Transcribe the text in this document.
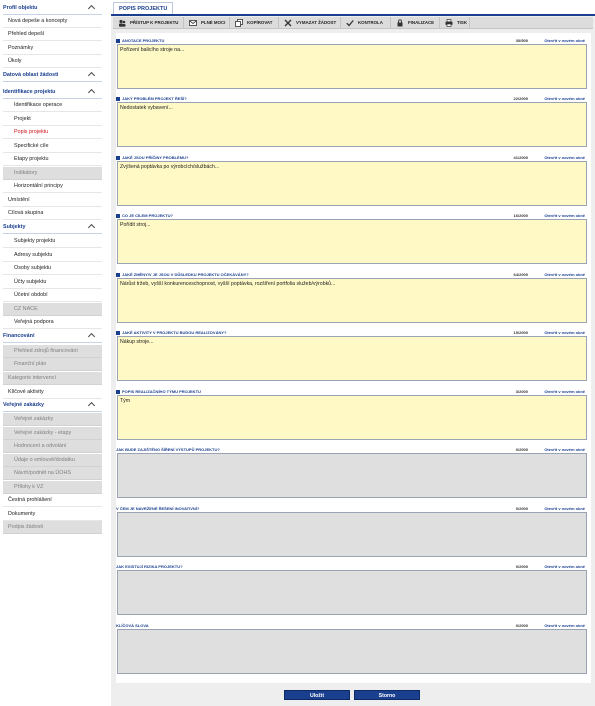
Profil objektu
Nová depeše a koncepty
Přehled depeší
Poznámky
Úkoly
Datová oblast žádosti
Identifikace projektu
Identifikace operace
Projekt
Popis projektu
Specifické cíle
Etapy projektu
Indikátory
Horizontální principy
Umístění
Cílová skupina
Subjekty
Subjekty projektu
Adresy subjektu
Osoby subjektu
Účty subjektu
Účetní období
CZ NACE
Veřejná podpora
Financování
Přehled zdrojů financování
Finanční plán
Kategorie intervencí
Klíčové aktivity
Veřejné zakázky
Veřejné zakázky
Veřejné zakázky - etapy
Hodnocení a odvolání
Údaje o smlouvě/dodatku
Návrh/podnět na ÚOHS
Přílohy k VZ
Čestná prohlášení
Dokumenty
Podpis žádosti
POPIS PROJEKTU
PŘÍSTUP K PROJEKTU	PLNÉ MOCI	KOPÍROVAT	VYMAZAT ŽÁDOST	KONTROLA	FINALIZACE	TISK
ANOTACE PROJEKTU	30/500	Otevřít v novém okně
Pořízení balicího stroje na...
JAKÝ PROBLÉM PROJEKT ŘEŠÍ?	22/2000	Otevřít v novém okně
Nedostatek vybavení...
JAKÉ JSOU PŘÍČINY PROBLÉMU?	41/2000	Otevřít v novém okně
Zvýšená poptávka po výrobcích/službách...
CO JE CÍLEM PROJEKTU?	16/2000	Otevřít v novém okně
Pořídit stroj...
JAKÉ ZMĚNY/V JE JSOU V DŮSLEDKU PROJEKTU OČEKÁVÁNY?	64/2000	Otevřít v novém okně
Nárůst tržeb, vyšší konkurenceschopnost, vyšší poptávka, rozšíření portfolia služeb/výrobků...
JAKÉ AKTIVITY V PROJEKTU BUDOU REALIZOVÁNY?	15/2000	Otevřít v novém okně
Nákup stroje...
POPIS REALIZAČNÍHO TÝMU PROJEKTU	3/2000	Otevřít v novém okně
Tým
JAK BUDE ZAJIŠTĚNO ŠÍŘENÍ VÝSTUPŮ PROJEKTU?	0/2000	Otevřít v novém okně
V ČEM JE NAVRŽENÉ ŘEŠENÍ INOVATIVNÍ?	0/2000	Otevřít v novém okně
JAK EXISTUJÍ RIZIKA PROJEKTU?	0/2000	Otevřít v novém okně
KLÍČOVÁ SLOVA	0/2000	Otevřít v novém okně
Uložit	Storno
